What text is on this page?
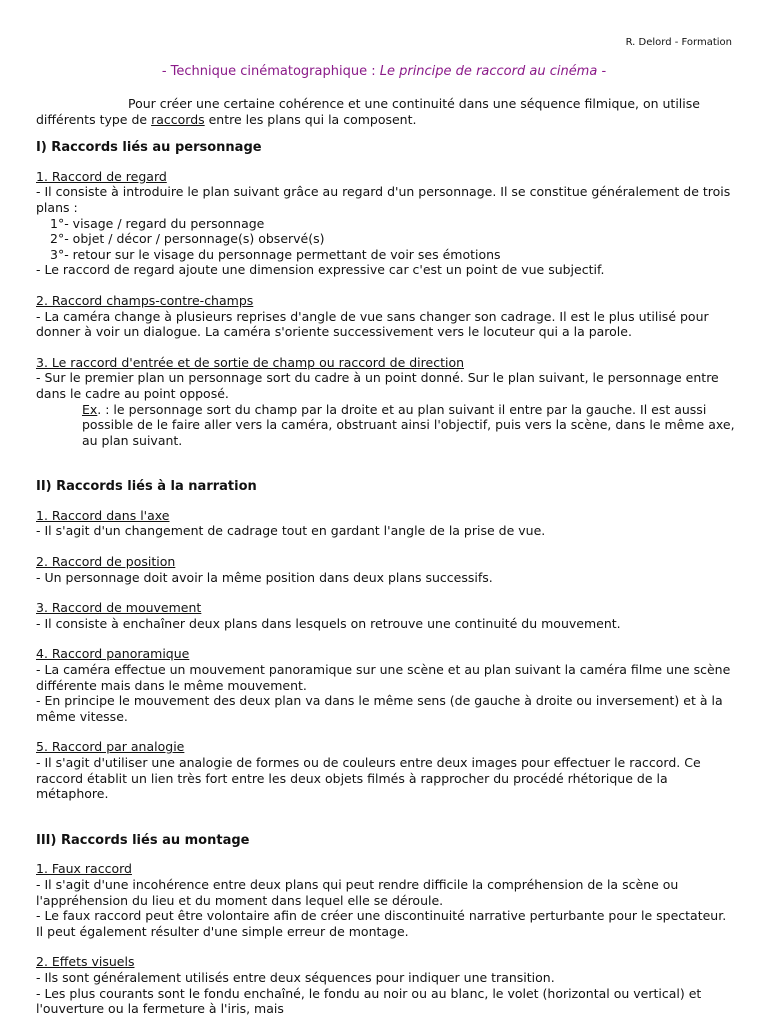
R. Delord - Formation
- Technique cinématographique : Le principe de raccord au cinéma -

Pour créer une certaine cohérence et une continuité dans une séquence filmique, on utilise différents type de raccords entre les plans qui la composent.

I) Raccords liés au personnage
1. Raccord de regard
- Il consiste à introduire le plan suivant grâce au regard d'un personnage. Il se constitue généralement de trois plans :
1°- visage / regard du personnage
2°- objet / décor / personnage(s) observé(s)
3°- retour sur le visage du personnage permettant de voir ses émotions
- Le raccord de regard ajoute une dimension expressive car c'est un point de vue subjectif.
2. Raccord champs-contre-champs
- La caméra change à plusieurs reprises d'angle de vue sans changer son cadrage. Il est le plus utilisé pour donner à voir un dialogue. La caméra s'oriente successivement vers le locuteur qui a la parole.
3. Le raccord d'entrée et de sortie de champ ou raccord de direction
- Sur le premier plan un personnage sort du cadre à un point donné. Sur le plan suivant, le personnage entre dans le cadre au point opposé.
Ex. : le personnage sort du champ par la droite et au plan suivant il entre par la gauche. Il est aussi possible de le faire aller vers la caméra, obstruant ainsi l'objectif, puis vers la scène, dans le même axe, au plan suivant.
II) Raccords liés à la narration
1. Raccord dans l'axe
- Il s'agit d'un changement de cadrage tout en gardant l'angle de la prise de vue.
2. Raccord de position
- Un personnage doit avoir la même position dans deux plans successifs.
3. Raccord de mouvement
- Il consiste à enchaîner deux plans dans lesquels on retrouve une continuité du mouvement.
4. Raccord panoramique
- La caméra effectue un mouvement panoramique sur une scène et au plan suivant la caméra filme une scène différente mais dans le même mouvement.
- En principe le mouvement des deux plan va dans le même sens (de gauche à droite ou inversement) et à la même vitesse.
5. Raccord par analogie
- Il s'agit d'utiliser une analogie de formes ou de couleurs entre deux images pour effectuer le raccord. Ce raccord établit un lien très fort entre les deux objets filmés à rapprocher du procédé rhétorique de la métaphore.
III) Raccords liés au montage
1. Faux raccord
- Il s'agit d'une incohérence entre deux plans qui peut rendre difficile la compréhension de la scène ou l'appréhension du lieu et du moment dans lequel elle se déroule.
- Le faux raccord peut être volontaire afin de créer une discontinuité narrative perturbante pour le spectateur. Il peut également résulter d'une simple erreur de montage.
2. Effets visuels
- Ils sont généralement utilisés entre deux séquences pour indiquer une transition.
- Les plus courants sont le fondu enchaîné, le fondu au noir ou au blanc, le volet (horizontal ou vertical) et l'ouverture ou la fermeture à l'iris, mais
